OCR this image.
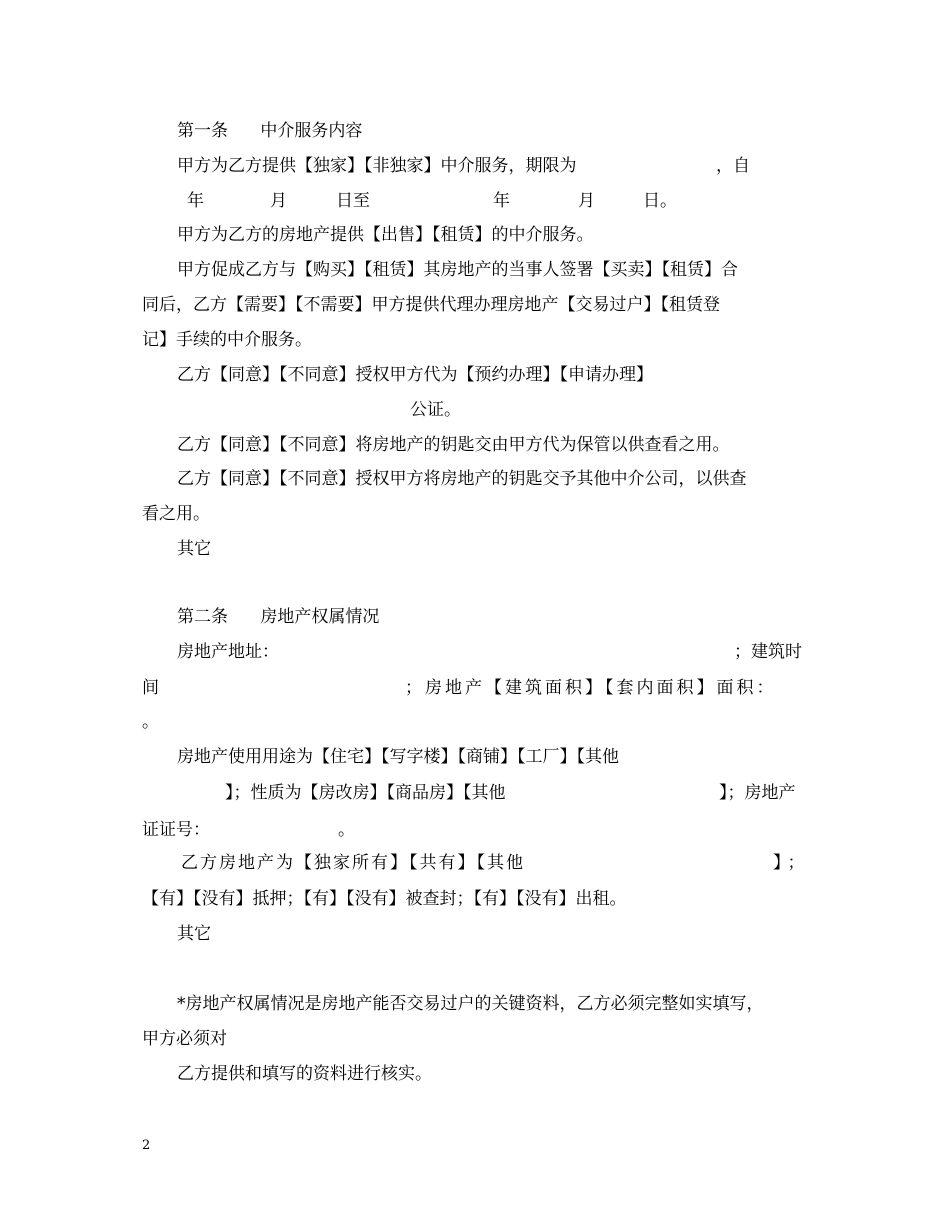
第一条      中介服务内容
甲方为乙方提供【独家】【非独家】中介服务，期限为	，自
年	月	日至	年	月	日。
甲方为乙方的房地产提供【出售】【租赁】的中介服务。
甲方促成乙方与【购买】【租赁】其房地产的当事人签署【买卖】【租赁】合
同后，乙方【需要】【不需要】甲方提供代理办理房地产【交易过户】【租赁登
记】手续的中介服务。
乙方【同意】【不同意】授权甲方代为【预约办理】【申请办理】
公证。
乙方【同意】【不同意】将房地产的钥匙交由甲方代为保管以供查看之用。
乙方【同意】【不同意】授权甲方将房地产的钥匙交予其他中介公司，以供查
看之用。
其它
第二条      房地产权属情况
房地产地址：	；建筑时
间	；房地产【建筑面积】【套内面积】面积：
。
房地产使用用途为【住宅】【写字楼】【商铺】【工厂】【其他
】；性质为【房改房】【商品房】【其他	】；房地产
证证号：	。
乙方房地产为【独家所有】【共有】【其他	】；
【有】【没有】抵押；【有】【没有】被查封；【有】【没有】出租。
其它
*房地产权属情况是房地产能否交易过户的关键资料，乙方必须完整如实填写，
甲方必须对
乙方提供和填写的资料进行核实。
2
